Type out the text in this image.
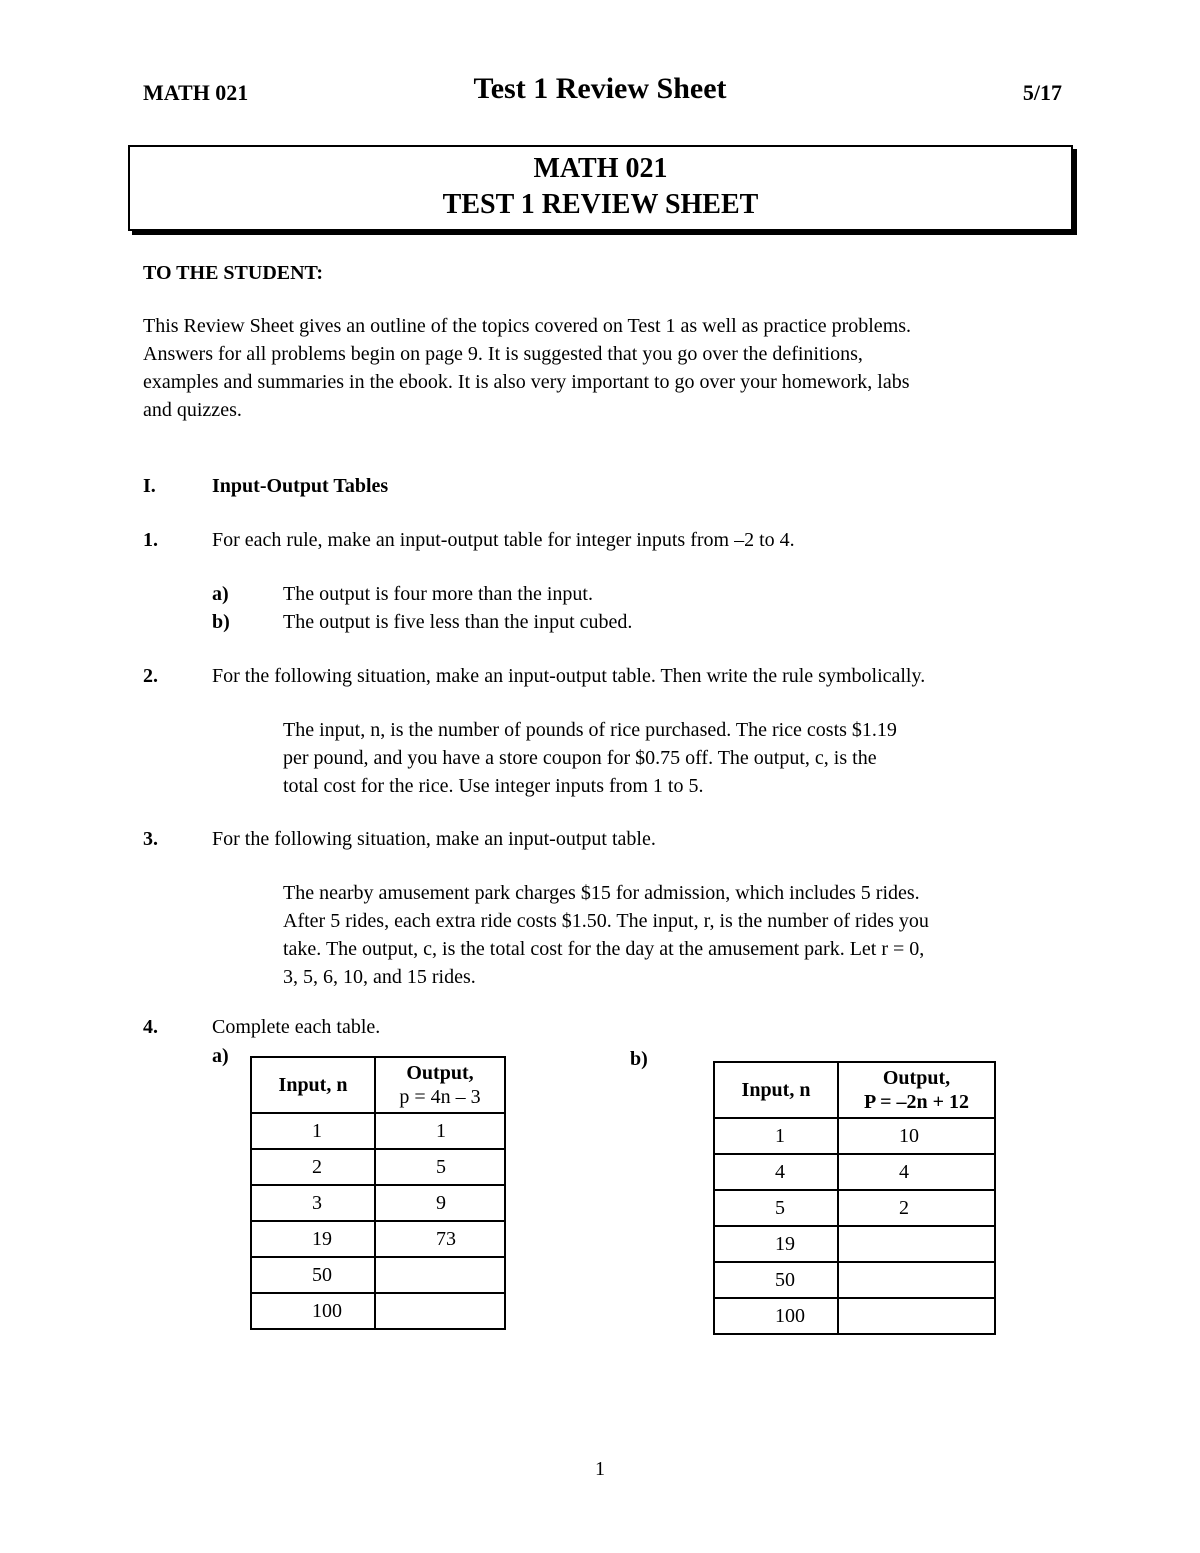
MATH 021	Test 1 Review Sheet	5/17
MATH 021
TEST 1 REVIEW SHEET
TO THE STUDENT:
This Review Sheet gives an outline of the topics covered on Test 1 as well as practice problems.
Answers for all problems begin on page 9. It is suggested that you go over the definitions,
examples and summaries in the ebook. It is also very important to go over your homework, labs
and quizzes.
I.	Input-Output Tables
1.	For each rule, make an input-output table for integer inputs from –2 to 4.
a)	The output is four more than the input.
b)	The output is five less than the input cubed.
2.	For the following situation, make an input-output table. Then write the rule symbolically.
The input, n, is the number of pounds of rice purchased. The rice costs $1.19
per pound, and you have a store coupon for $0.75 off. The output, c, is the
total cost for the rice. Use integer inputs from 1 to 5.
3.	For the following situation, make an input-output table.
The nearby amusement park charges $15 for admission, which includes 5 rides.
After 5 rides, each extra ride costs $1.50. The input, r, is the number of rides you
take. The output, c, is the total cost for the day at the amusement park. Let r = 0,
3, 5, 6, 10, and 15 rides.
4.	Complete each table.
a)	b)
Input, n	Output,
p = 4n – 3

1	1
2	5
3	9
19	73
50	
100	
Input, n	Output,
P = –2n + 12

1	10
4	4
5	2
19	
50	
100	
1
